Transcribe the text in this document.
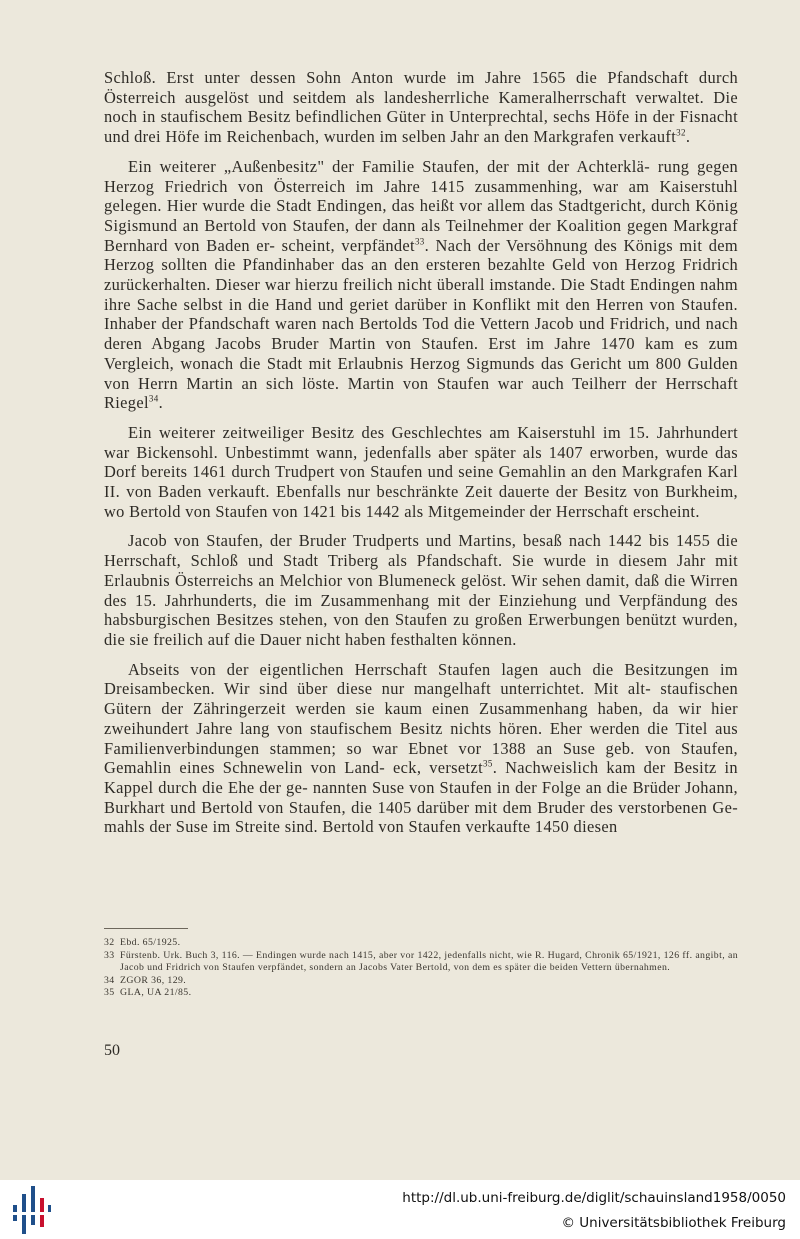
Schloß. Erst unter dessen Sohn Anton wurde im Jahre 1565 die Pfandschaft durch Österreich ausgelöst und seitdem als landesherrliche Kameralherrschaft verwaltet. Die noch in staufischem Besitz befindlichen Güter in Unterprechtal, sechs Höfe in der Fisnacht und drei Höfe im Reichenbach, wurden im selben Jahr an den Markgrafen verkauft$^{32}$.

Ein weiterer „Außenbesitz" der Familie Staufen, der mit der Achterklä- rung gegen Herzog Friedrich von Österreich im Jahre 1415 zusammenhing, war am Kaiserstuhl gelegen. Hier wurde die Stadt Endingen, das heißt vor allem das Stadtgericht, durch König Sigismund an Bertold von Staufen, der dann als Teilnehmer der Koalition gegen Markgraf Bernhard von Baden er- scheint, verpfändet$^{33}$. Nach der Versöhnung des Königs mit dem Herzog sollten die Pfandinhaber das an den ersteren bezahlte Geld von Herzog Fridrich zurückerhalten. Dieser war hierzu freilich nicht überall imstande. Die Stadt Endingen nahm ihre Sache selbst in die Hand und geriet darüber in Konflikt mit den Herren von Staufen. Inhaber der Pfandschaft waren nach Bertolds Tod die Vettern Jacob und Fridrich, und nach deren Abgang Jacobs Bruder Martin von Staufen. Erst im Jahre 1470 kam es zum Vergleich, wonach die Stadt mit Erlaubnis Herzog Sigmunds das Gericht um 800 Gulden von Herrn Martin an sich löste. Martin von Staufen war auch Teilherr der Herrschaft Riegel$^{34}$.

Ein weiterer zeitweiliger Besitz des Geschlechtes am Kaiserstuhl im 15. Jahrhundert war Bickensohl. Unbestimmt wann, jedenfalls aber später als 1407 erworben, wurde das Dorf bereits 1461 durch Trudpert von Staufen und seine Gemahlin an den Markgrafen Karl II. von Baden verkauft. Ebenfalls nur beschränkte Zeit dauerte der Besitz von Burkheim, wo Bertold von Staufen von 1421 bis 1442 als Mitgemeinder der Herrschaft erscheint.

Jacob von Staufen, der Bruder Trudperts und Martins, besaß nach 1442 bis 1455 die Herrschaft, Schloß und Stadt Triberg als Pfandschaft. Sie wurde in diesem Jahr mit Erlaubnis Österreichs an Melchior von Blumeneck gelöst. Wir sehen damit, daß die Wirren des 15. Jahrhunderts, die im Zusammenhang mit der Einziehung und Verpfändung des habsburgischen Besitzes stehen, von den Staufen zu großen Erwerbungen benützt wurden, die sie freilich auf die Dauer nicht haben festhalten können.

Abseits von der eigentlichen Herrschaft Staufen lagen auch die Besitzungen im Dreisambecken. Wir sind über diese nur mangelhaft unterrichtet. Mit alt- staufischen Gütern der Zähringerzeit werden sie kaum einen Zusammenhang haben, da wir hier zweihundert Jahre lang von staufischem Besitz nichts hören. Eher werden die Titel aus Familienverbindungen stammen; so war Ebnet vor 1388 an Suse geb. von Staufen, Gemahlin eines Schnewelin von Land- eck, versetzt$^{35}$. Nachweislich kam der Besitz in Kappel durch die Ehe der ge- nannten Suse von Staufen in der Folge an die Brüder Johann, Burkhart und Bertold von Staufen, die 1405 darüber mit dem Bruder des verstorbenen Ge- mahls der Suse im Streite sind. Bertold von Staufen verkaufte 1450 diesen

32 Ebd. 65/1925.
33 Fürstenb. Urk. Buch 3, 116. — Endingen wurde nach 1415, aber vor 1422, jedenfalls nicht, wie R. Hugard, Chronik 65/1921, 126 ff. angibt, an Jacob und Fridrich von Staufen verpfändet, sondern an Jacobs Vater Bertold, von dem es später die beiden Vettern übernahmen.
34 ZGOR 36, 129.
35 GLA, UA 21/85.
50
http://dl.ub.uni-freiburg.de/diglit/schauinsland1958/0050
© Universitätsbibliothek Freiburg
